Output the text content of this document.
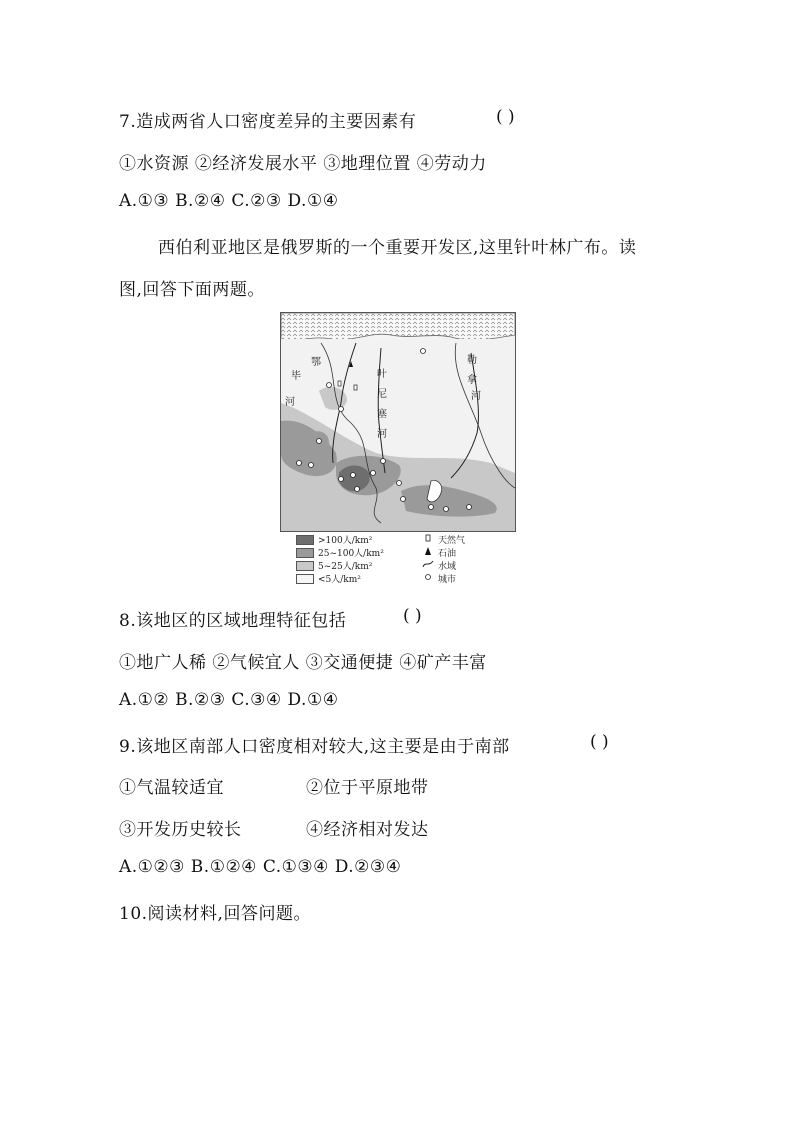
7.造成两省人口密度差异的主要因素有	( )
①水资源 ②经济发展水平 ③地理位置 ④劳动力
A.①③ B.②④ C.②③ D.①④
西伯利亚地区是俄罗斯的一个重要开发区,这里针叶林广布。读
图,回答下面两题。
鄂
毕
河
叶
尼
塞
河
勒
拿
河
>100人/km²
25~100人/km²
5~25人/km²
<5人/km²
天然气
石油
水域
城市
8.该地区的区域地理特征包括	( )
①地广人稀 ②气候宜人 ③交通便捷 ④矿产丰富
A.①② B.②③ C.③④ D.①④
9.该地区南部人口密度相对较大,这主要是由于南部	( )
①气温较适宜	②位于平原地带
③开发历史较长	④经济相对发达
A.①②③ B.①②④ C.①③④ D.②③④
10.阅读材料,回答问题。
